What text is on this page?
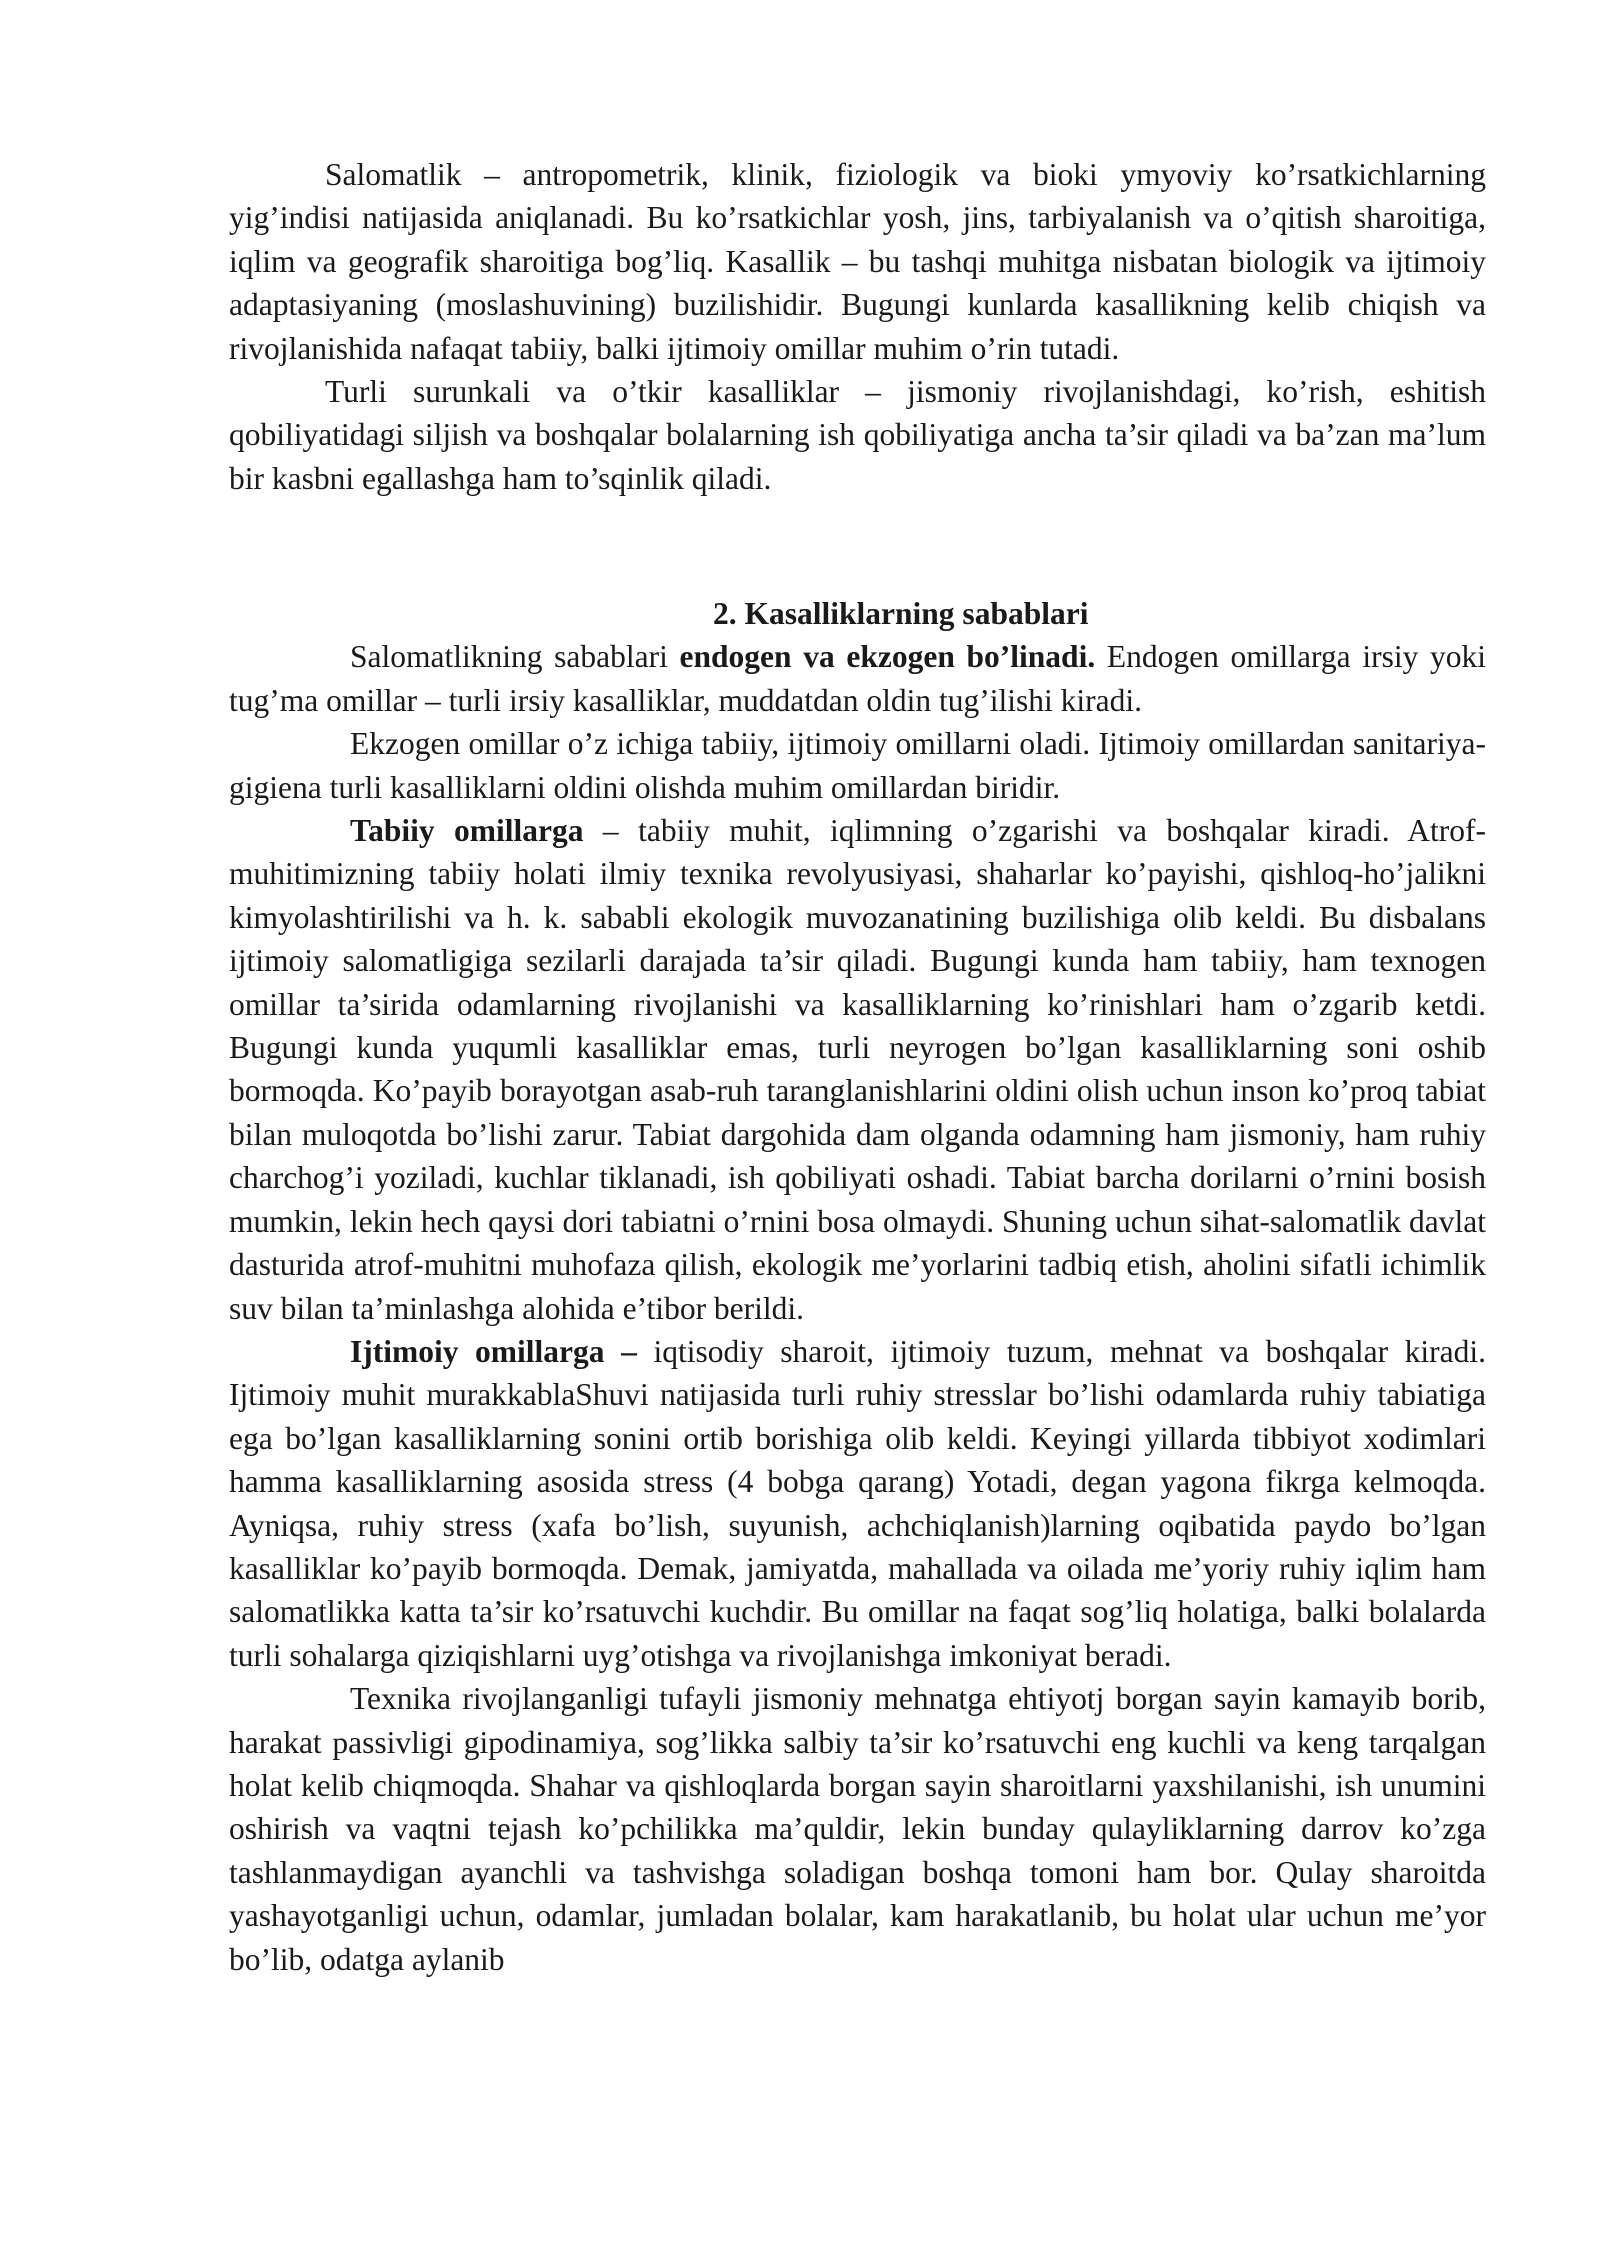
Salomatlik – antropometrik, klinik, fiziologik va bioki ymyoviy ko’rsatkichlarning yig’indisi natijasida aniqlanadi. Bu ko’rsatkichlar yosh, jins, tarbiyalanish va o’qitish sharoitiga, iqlim va geografik sharoitiga bog’liq. Kasallik – bu tashqi muhitga nisbatan biologik va ijtimoiy adaptasiyaning (moslashuvining) buzilishidir. Bugungi kunlarda kasallikning kelib chiqish va rivojlanishida nafaqat tabiiy, balki ijtimoiy omillar muhim o’rin tutadi.

Turli surunkali va o’tkir kasalliklar – jismoniy rivojlanishdagi, ko’rish, eshitish qobiliyatidagi siljish va boshqalar bolalarning ish qobiliyatiga ancha ta’sir qiladi va ba’zan ma’lum bir kasbni egallashga ham to’sqinlik qiladi.

2. Kasalliklarning sabablari

Salomatlikning sabablari endogen va ekzogen bo’linadi. Endogen omillarga irsiy yoki tug’ma omillar – turli irsiy kasalliklar, muddatdan oldin tug’ilishi kiradi.

Ekzogen omillar o’z ichiga tabiiy, ijtimoiy omillarni oladi. Ijtimoiy omillardan sanitariya-gigiena turli kasalliklarni oldini olishda muhim omillardan biridir.

Tabiiy omillarga – tabiiy muhit, iqlimning o’zgarishi va boshqalar kiradi. Atrof-muhitimizning tabiiy holati ilmiy texnika revolyusiyasi, shaharlar ko’payishi, qishloq-ho’jalikni kimyolashtirilishi va h. k. sababli ekologik muvozanatining buzilishiga olib keldi. Bu disbalans ijtimoiy salomatligiga sezilarli darajada ta’sir qiladi. Bugungi kunda ham tabiiy, ham texnogen omillar ta’sirida odamlarning rivojlanishi va kasalliklarning ko’rinishlari ham o’zgarib ketdi. Bugungi kunda yuqumli kasalliklar emas, turli neyrogen bo’lgan kasalliklarning soni oshib bormoqda. Ko’payib borayotgan asab-ruh taranglanishlarini oldini olish uchun inson ko’proq tabiat bilan muloqotda bo’lishi zarur. Tabiat dargohida dam olganda odamning ham jismoniy, ham ruhiy charchog’i yoziladi, kuchlar tiklanadi, ish qobiliyati oshadi. Tabiat barcha dorilarni o’rnini bosish mumkin, lekin hech qaysi dori tabiatni o’rnini bosa olmaydi. Shuning uchun sihat-salomatlik davlat dasturida atrof-muhitni muhofaza qilish, ekologik me’yorlarini tadbiq etish, aholini sifatli ichimlik suv bilan ta’minlashga alohida e’tibor berildi.

Ijtimoiy omillarga – iqtisodiy sharoit, ijtimoiy tuzum, mehnat va boshqalar kiradi. Ijtimoiy muhit murakkablaShuvi natijasida turli ruhiy stresslar bo’lishi odamlarda ruhiy tabiatiga ega bo’lgan kasalliklarning sonini ortib borishiga olib keldi. Keyingi yillarda tibbiyot xodimlari hamma kasalliklarning asosida stress (4 bobga qarang) Yotadi, degan yagona fikrga kelmoqda. Ayniqsa, ruhiy stress (xafa bo’lish, suyunish, achchiqlanish)larning oqibatida paydo bo’lgan kasalliklar ko’payib bormoqda. Demak, jamiyatda, mahallada va oilada me’yoriy ruhiy iqlim ham salomatlikka katta ta’sir ko’rsatuvchi kuchdir. Bu omillar na faqat sog’liq holatiga, balki bolalarda turli sohalarga qiziqishlarni uyg’otishga va rivojlanishga imkoniyat beradi.

Texnika rivojlanganligi tufayli jismoniy mehnatga ehtiyotj borgan sayin kamayib borib, harakat passivligi gipodinamiya, sog’likka salbiy ta’sir ko’rsatuvchi eng kuchli va keng tarqalgan holat kelib chiqmoqda. Shahar va qishloqlarda borgan sayin sharoitlarni yaxshilanishi, ish unumini oshirish va vaqtni tejash ko’pchilikka ma’quldir, lekin bunday qulayliklarning darrov ko’zga tashlanmaydigan ayanchli va tashvishga soladigan boshqa tomoni ham bor. Qulay sharoitda yashayotganligi uchun, odamlar, jumladan bolalar, kam harakatlanib, bu holat ular uchun me’yor bo’lib, odatga aylanib
